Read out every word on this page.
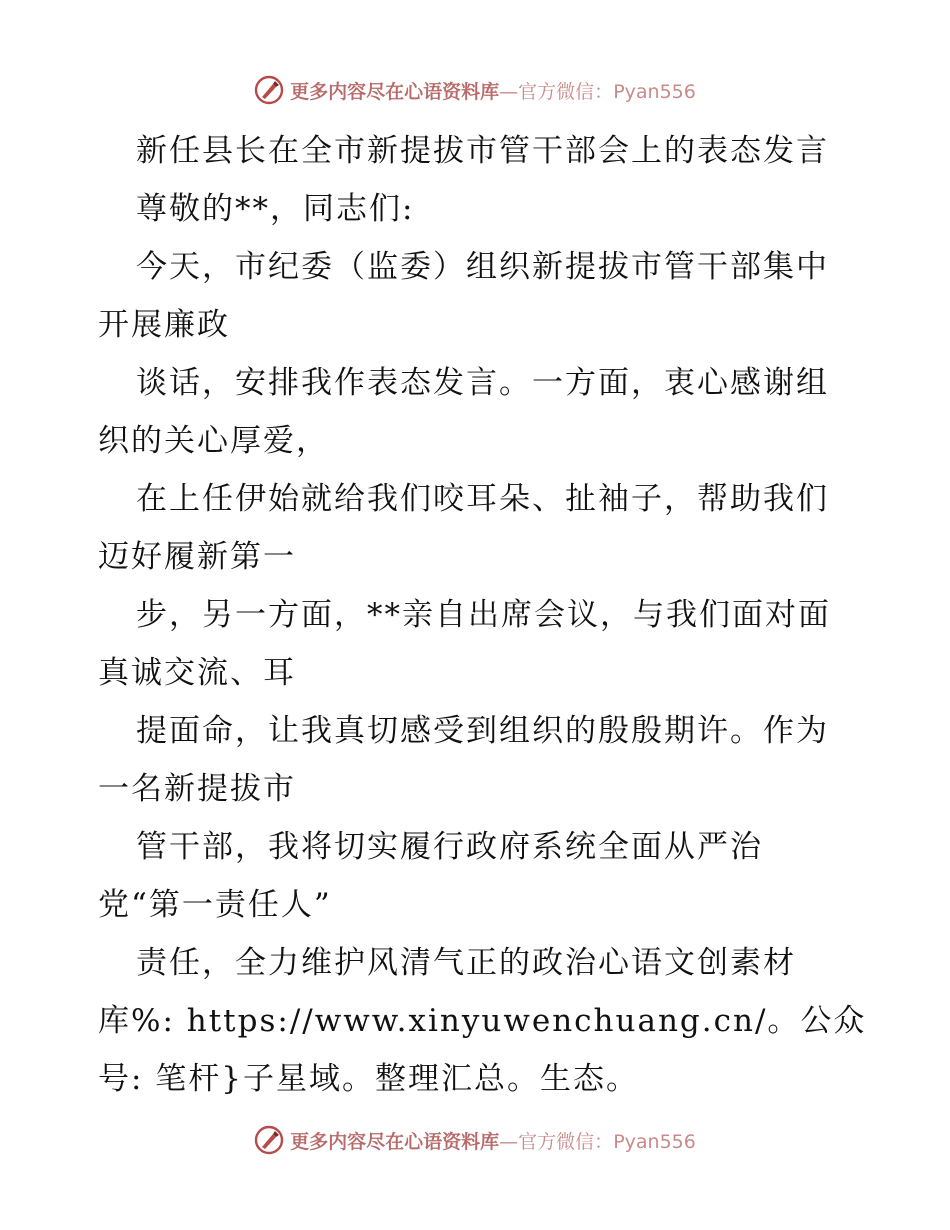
更多内容尽在心语资料库—官方微信：Pyan556
新任县长在全市新提拔市管干部会上的表态发言
尊敬的**，同志们:
今天，市纪委（监委）组织新提拔市管干部集中
开展廉政
谈话，安排我作表态发言。一方面，衷心感谢组
织的关心厚爱，
在上任伊始就给我们咬耳朵、扯袖子，帮助我们
迈好履新第一
步，另一方面，**亲自出席会议，与我们面对面
真诚交流、耳
提面命，让我真切感受到组织的殷殷期许。作为
一名新提拔市
管干部，我将切实履行政府系统全面从严治
党“第一责任人”
责任，全力维护风清气正的政治心语文创素材
库%: https://www.xinyuwenchuang.cn/。公众
号: 笔杆}子星域。整理汇总。生态。
更多内容尽在心语资料库—官方微信：Pyan556
